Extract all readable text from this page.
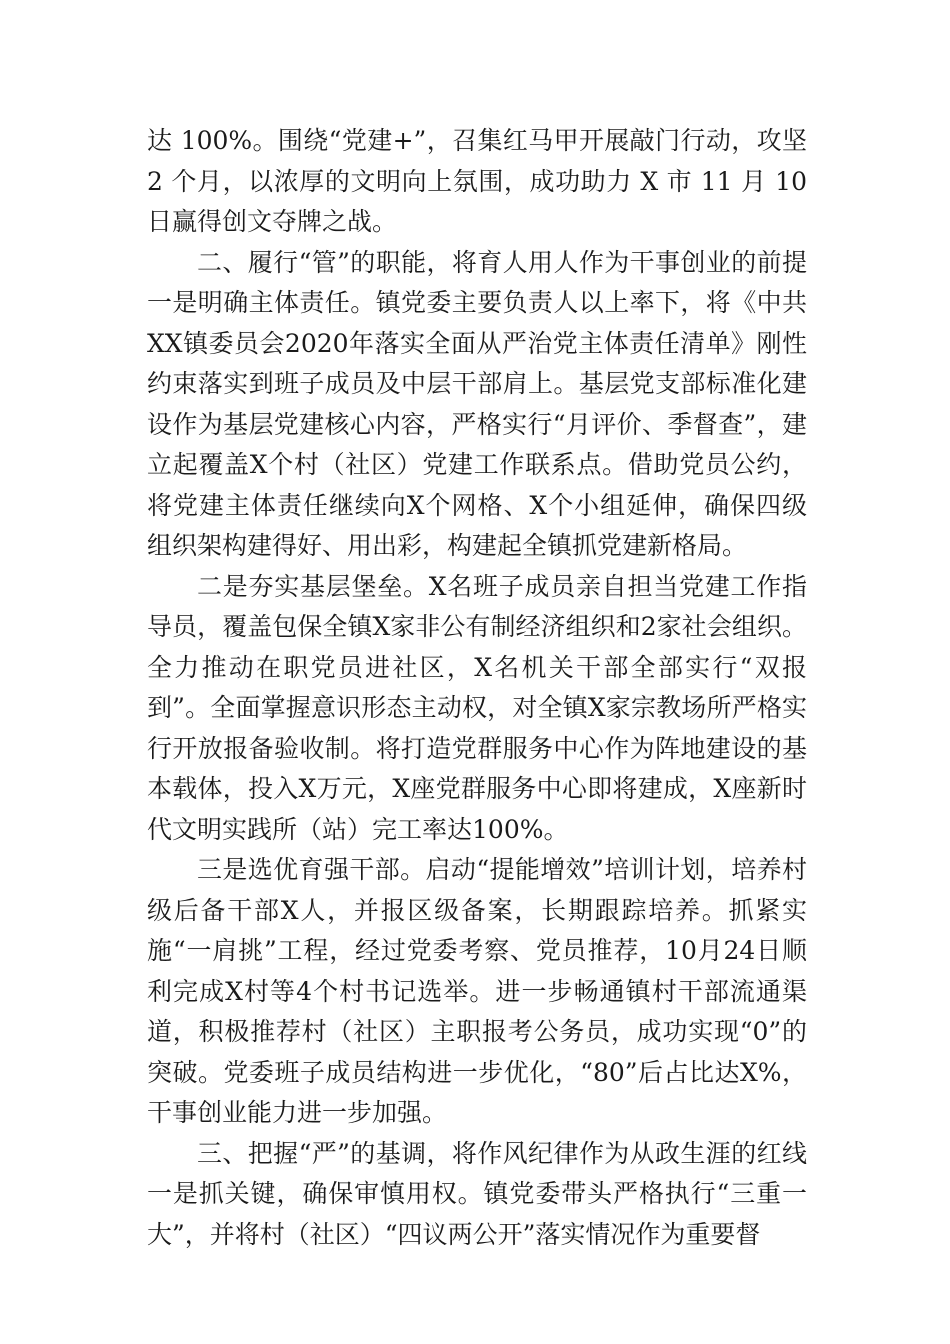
达 100%。围绕“党建+”，召集红马甲开展敲门行动，攻坚 2 个月，以浓厚的文明向上氛围，成功助力 X 市 11 月 10 日赢得创文夺牌之战。

二、履行“管”的职能，将育人用人作为干事创业的前提　一是明确主体责任。镇党委主要负责人以上率下，将《中共XX镇委员会2020年落实全面从严治党主体责任清单》刚性约束落实到班子成员及中层干部肩上。基层党支部标准化建设作为基层党建核心内容，严格实行“月评价、季督查”，建立起覆盖X个村（社区）党建工作联系点。借助党员公约，将党建主体责任继续向X个网格、X个小组延伸，确保四级组织架构建得好、用出彩，构建起全镇抓党建新格局。

二是夯实基层堡垒。X名班子成员亲自担当党建工作指导员，覆盖包保全镇X家非公有制经济组织和2家社会组织。全力推动在职党员进社区，X名机关干部全部实行“双报到”。全面掌握意识形态主动权，对全镇X家宗教场所严格实行开放报备验收制。将打造党群服务中心作为阵地建设的基本载体，投入X万元，X座党群服务中心即将建成，X座新时代文明实践所（站）完工率达100%。

三是选优育强干部。启动“提能增效”培训计划，培养村级后备干部X人，并报区级备案，长期跟踪培养。抓紧实施“一肩挑”工程，经过党委考察、党员推荐，10月24日顺利完成X村等4个村书记选举。进一步畅通镇村干部流通渠道，积极推荐村（社区）主职报考公务员，成功实现“0”的突破。党委班子成员结构进一步优化，“80”后占比达X%，干事创业能力进一步加强。

三、把握“严”的基调，将作风纪律作为从政生涯的红线　一是抓关键，确保审慎用权。镇党委带头严格执行“三重一大”，并将村（社区）“四议两公开”落实情况作为重要督
